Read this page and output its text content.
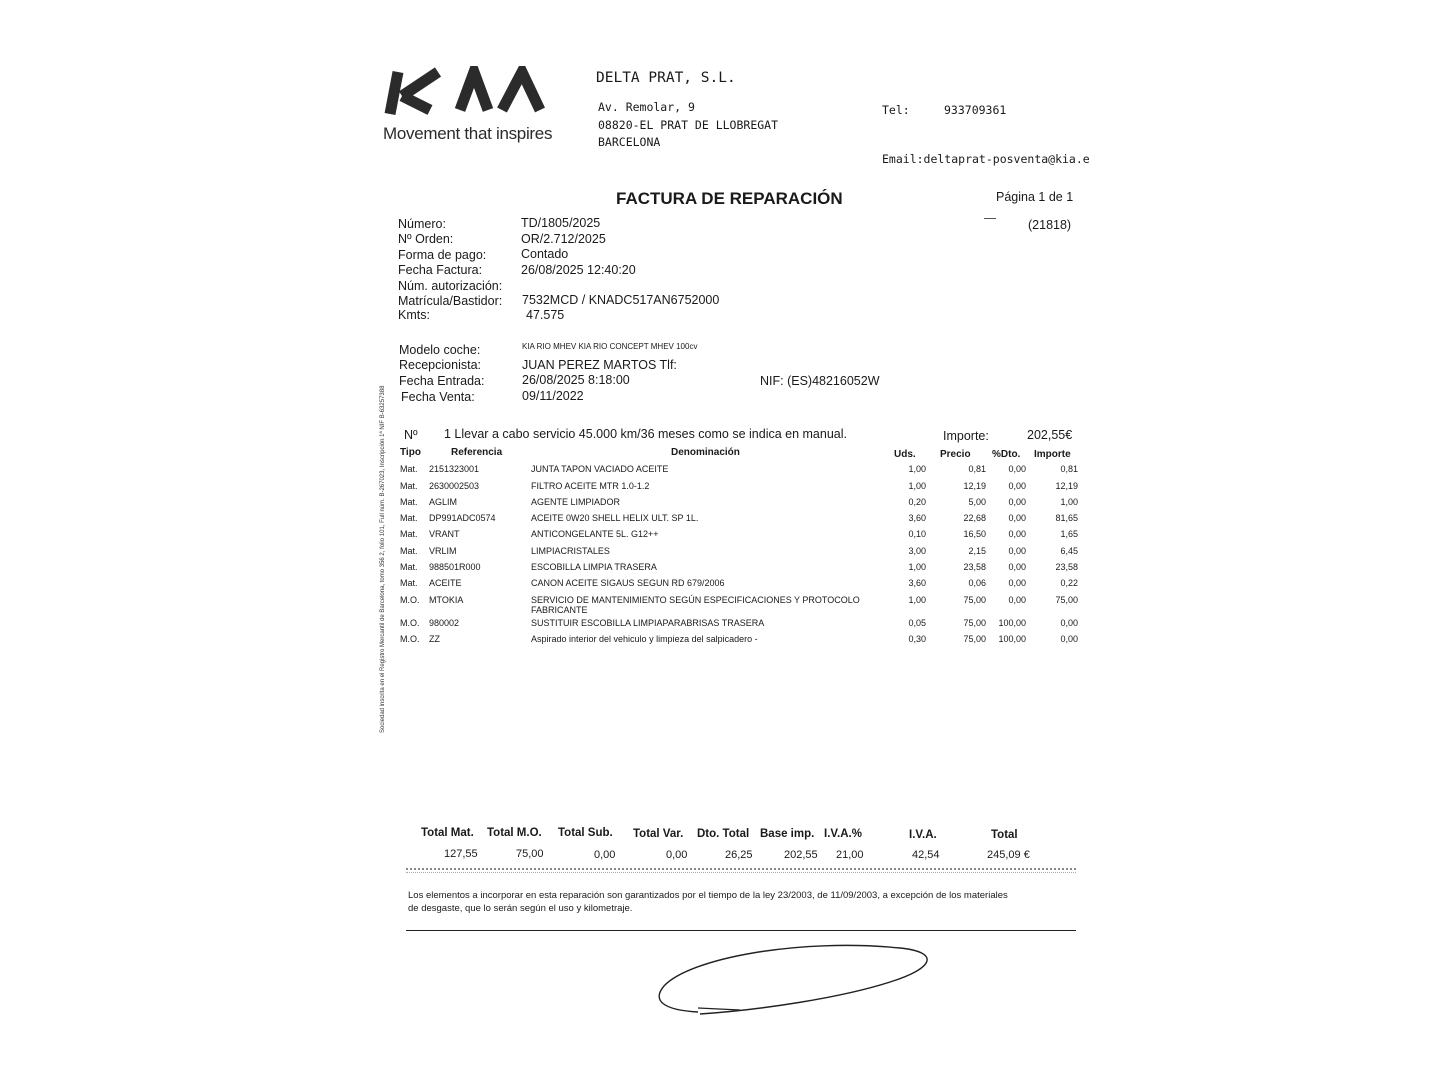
Movement that inspires
DELTA PRAT, S.L.
Av. Remolar, 9
08820-EL PRAT DE LLOBREGAT
BARCELONA
Tel:	933709361
Email:deltaprat-posventa@kia.e
FACTURA DE REPARACIÓN	Página 1 de 1
(21818)
Sociedad inscrita en el Registro Mercantil de Barcelona, tomo 356 2, folio 101, Full núm. B-267023, Inscripción 1ª NIF B-63257388
Número:	TD/1805/2025
Nº Orden:	OR/2.712/2025
Forma de pago:	Contado
Fecha Factura:	26/08/2025 12:40:20
Núm. autorización:
Matrícula/Bastidor: 7532MCD / KNADC517AN6752000
Kmts:	47.575
Modelo coche:	KIA RIO MHEV KIA RIO CONCEPT MHEV 100cv
Recepcionista:	JUAN PEREZ MARTOS Tlf:
Fecha Entrada:	26/08/2025 8:18:00	NIF: (ES)48216052W
Fecha Venta:	09/11/2022
Nº 1 Llevar a cabo servicio 45.000 km/36 meses como se indica en manual.	Importe:	202,55€
Tipo	Referencia	Denominación	Uds. Precio %Dto. Importe
Mat. 2151323001	JUNTA TAPON VACIADO ACEITE	1,00	0,81 0,00	0,81
Mat. 2630002503	FILTRO ACEITE MTR 1.0-1.2	1,00	12,19 0,00	12,19
Mat. AGLIM	AGENTE LIMPIADOR	0,20	5,00 0,00	1,00
Mat. DP991ADC0574	ACEITE 0W20 SHELL HELIX ULT. SP 1L.	3,60	22,68 0,00	81,65
Mat. VRANT	ANTICONGELANTE 5L. G12++	0,10	16,50 0,00	1,65
Mat. VRLIM	LIMPIACRISTALES	3,00	2,15 0,00	6,45
Mat. 988501R000	ESCOBILLA LIMPIA TRASERA	1,00	23,58 0,00	23,58
Mat. ACEITE	CANON ACEITE SIGAUS SEGUN RD 679/2006	3,60	0,06 0,00	0,22
M.O. MTOKIA	SERVICIO DE MANTENIMIENTO SEGÚN ESPECIFICACIONES Y PROTOCOLO	1,00	75,00 0,00	75,00
FABRICANTE
M.O. 980002	SUSTITUIR ESCOBILLA LIMPIAPARABRISAS TRASERA	0,05	75,00 100,00	0,00
M.O. ZZ	Aspirado interior del vehiculo y limpieza del salpicadero -	0,30	75,00 100,00	0,00
Total Mat. Total M.O. Total Sub. Total Var. Dto. Total Base imp. I.V.A.%	I.V.A.	Total
127,55	75,00	0,00	0,00	26,25	202,55 21,00	42,54	245,09 €
Los elementos a incorporar en esta reparación son garantizados por el tiempo de la ley 23/2003, de 11/09/2003, a excepción de los materiales
de desgaste, que lo serán según el uso y kilometraje.
